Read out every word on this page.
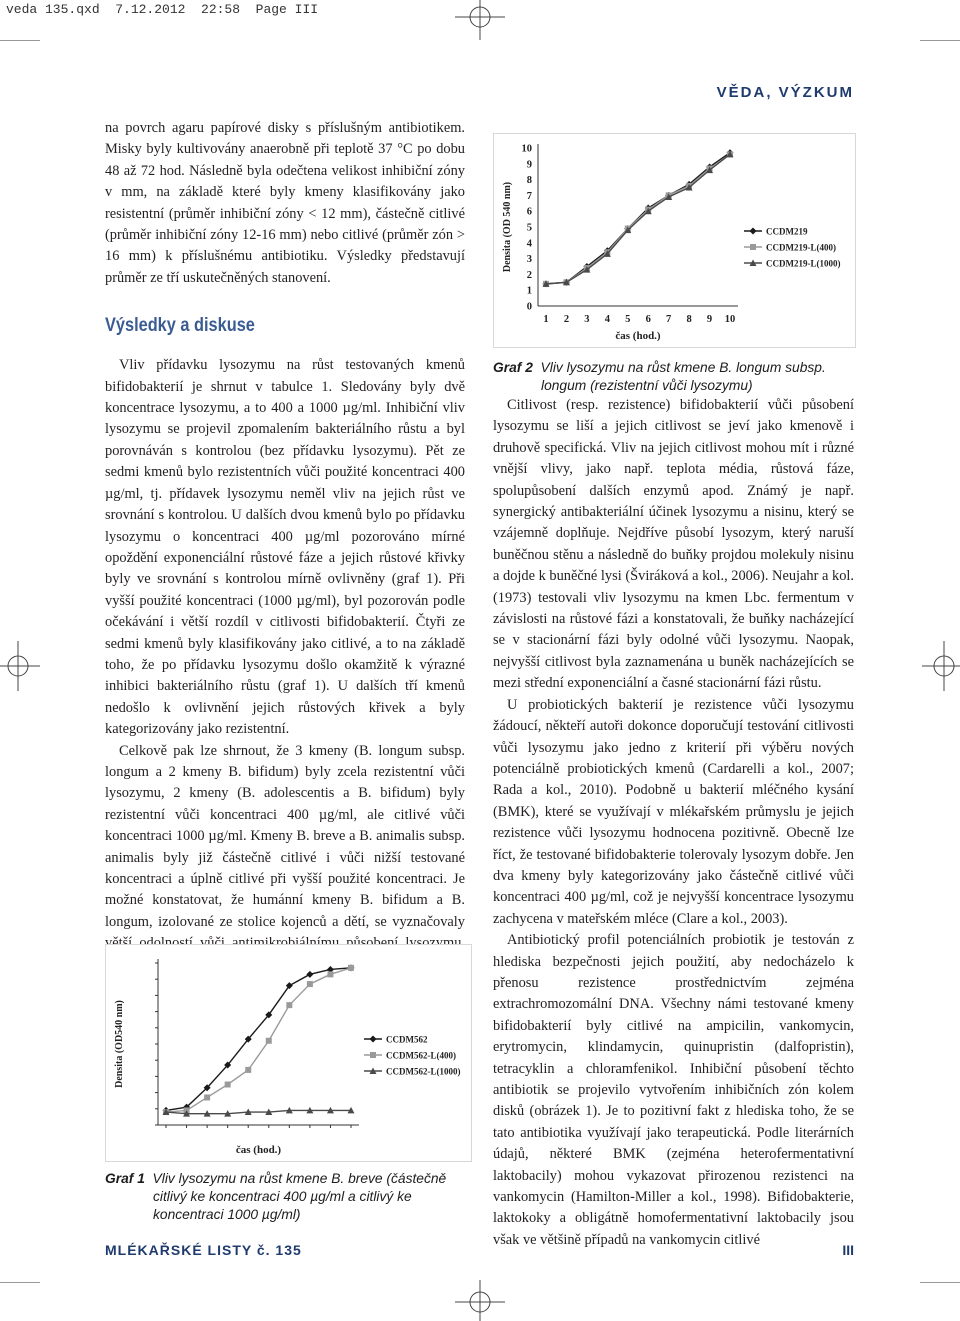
veda 135.qxd  7.12.2012  22:58  Page III
VĚDA, VÝZKUM

na povrch agaru papírové disky s příslušným antibiotikem. Misky byly kultivovány anaerobně při teplotě 37 °C po dobu 48 až 72 hod. Následně byla odečtena velikost inhibiční zóny v mm, na základě které byly kmeny klasifikovány jako resistentní (průměr inhibiční zóny < 12 mm), částečně citlivé (průměr inhibiční zóny 12-16 mm) nebo citlivé (průměr zón > 16 mm) k příslušnému antibiotiku. Výsledky představují průměr ze tří uskutečněných stanovení.

Výsledky a diskuse

Vliv přídavku lysozymu na růst testovaných kmenů bifidobakterií je shrnut v tabulce 1. Sledovány byly dvě koncentrace lysozymu, a to 400 a 1000 µg/ml. Inhibiční vliv lysozymu se projevil zpomalením bakteriálního růstu a byl porovnáván s kontrolou (bez přídavku lysozymu). Pět ze sedmi kmenů bylo rezistentních vůči použité koncentraci 400 µg/ml, tj. přídavek lysozymu neměl vliv na jejich růst ve srovnání s kontrolou. U dalších dvou kmenů bylo po přídavku lysozymu o koncentraci 400 µg/ml pozorováno mírné opoždění exponenciální růstové fáze a jejich růstové křivky byly ve srovnání s kontrolou mírně ovlivněny (graf 1). Při vyšší použité koncentraci (1000 µg/ml), byl pozorován podle očekávání i větší rozdíl v citlivosti bifidobakterií. Čtyři ze sedmi kmenů byly klasifikovány jako citlivé, a to na základě toho, že po přídavku lysozymu došlo okamžitě k výrazné inhibici bakteriálního růstu (graf 1). U dalších tří kmenů nedošlo k ovlivnění jejich růstových křivek a byly kategorizovány jako rezistentní.

Celkově pak lze shrnout, že 3 kmeny (B. longum subsp. longum a 2 kmeny B. bifidum) byly zcela rezistentní vůči lysozymu, 2 kmeny (B. adolescentis a B. bifidum) byly rezistentní vůči koncentraci 400 µg/ml, ale citlivé vůči koncentraci 1000 µg/ml. Kmeny B. breve a B. animalis subsp. animalis byly již částečně citlivé i vůči nižší testované koncentraci a úplně citlivé při vyšší použité koncentraci. Je možné konstatovat, že humánní kmeny B. bifidum a B. longum, izolované ze stolice kojenců a dětí, se vyznačovaly

Densita (OD540 nm)
čas (hod.)
CCDM562
CCDM562-L(400)
CCDM562-L(1000)
Graf 1 Vliv lysozymu na růst kmene B. breve (částečně citlivý ke koncentraci 400 µg/ml a citlivý ke koncentraci 1000 µg/ml)
0
1
2
3
4
5
6
7
8
9
10
1 2 3 4 5 6 7 8 9 10
Densita (OD 540 nm)
čas (hod.)
CCDM219
CCDM219-L(400)
CCDM219-L(1000)
Graf 2 Vliv lysozymu na růst kmene B. longum subsp. longum (rezistentní vůči lysozymu)

Citlivost (resp. rezistence) bifidobakterií vůči působení lysozymu se liší a jejich citlivost se jeví jako kmenově i druhově specifická. Vliv na jejich citlivost mohou mít i různé vnější vlivy, jako např. teplota média, růstová fáze, spolupůsobení dalších enzymů apod. Známý je např. synergický antibakteriální účinek lysozymu a nisinu, který se vzájemně doplňuje. Nejdříve působí lysozym, který naruší buněčnou stěnu a následně do buňky projdou molekuly nisinu a dojde k buněčné lysi (Šviráková a kol., 2006). Neujahr a kol. (1973) testovali vliv lysozymu na kmen Lbc. fermentum v závislosti na růstové fázi a konstatovali, že buňky nacházející se v stacionární fázi byly odolné vůči lysozymu. Naopak, nejvyšší citlivost byla zaznamenána u buněk nacházejících se mezi střední exponenciální a časné stacionární fázi růstu.

U probiotických bakterií je rezistence vůči lysozymu žádoucí, někteří autoři dokonce doporučují testování citlivosti vůči lysozymu jako jedno z kriterií při výběru nových potenciálně probiotických kmenů (Cardarelli a kol., 2007; Rada a kol., 2010). Podobně u bakterií mléčného kysání (BMK), které se využívají v mlékařském průmyslu je jejich rezistence vůči lysozymu hodnocena pozitivně. Obecně lze říct, že testované bifidobakterie tolerovaly lysozym dobře. Jen dva kmeny byly kategorizovány jako částečně citlivé vůči koncentraci 400 µg/ml, což je nejvyšší koncentrace lysozymu zachycena v mateřském mléce (Clare a kol., 2003).

Antibiotický profil potenciálních probiotik je testován z hlediska bezpečnosti jejich použití, aby nedocházelo k přenosu rezistence prostřednictvím zejména extrachromozomální DNA. Všechny námi testované kmeny bifidobakterií byly citlivé na ampicilin, vankomycin, erytromycin, klindamycin, quinupristin (dalfopristin), tetracyklin a chloramfenikol. Inhibiční působení těchto antibiotik se projevilo vytvořením inhibičních zón kolem disků (obrázek 1). Je to pozitivní fakt z hlediska toho, že se tato antibiotika využívají jako terapeutická. Podle literárních údajů, některé BMK (zejména heterofermentativní laktobacily) mohou vykazovat přirozenou rezistenci na vankomycin (Hamilton-Miller a kol., 1998). Bifidobakterie, laktokoky a obligátně homofermentativní laktobacily jsou však ve většině případů na vankomycin citlivé

MLÉKAŘSKÉ LISTY č. 135	III
